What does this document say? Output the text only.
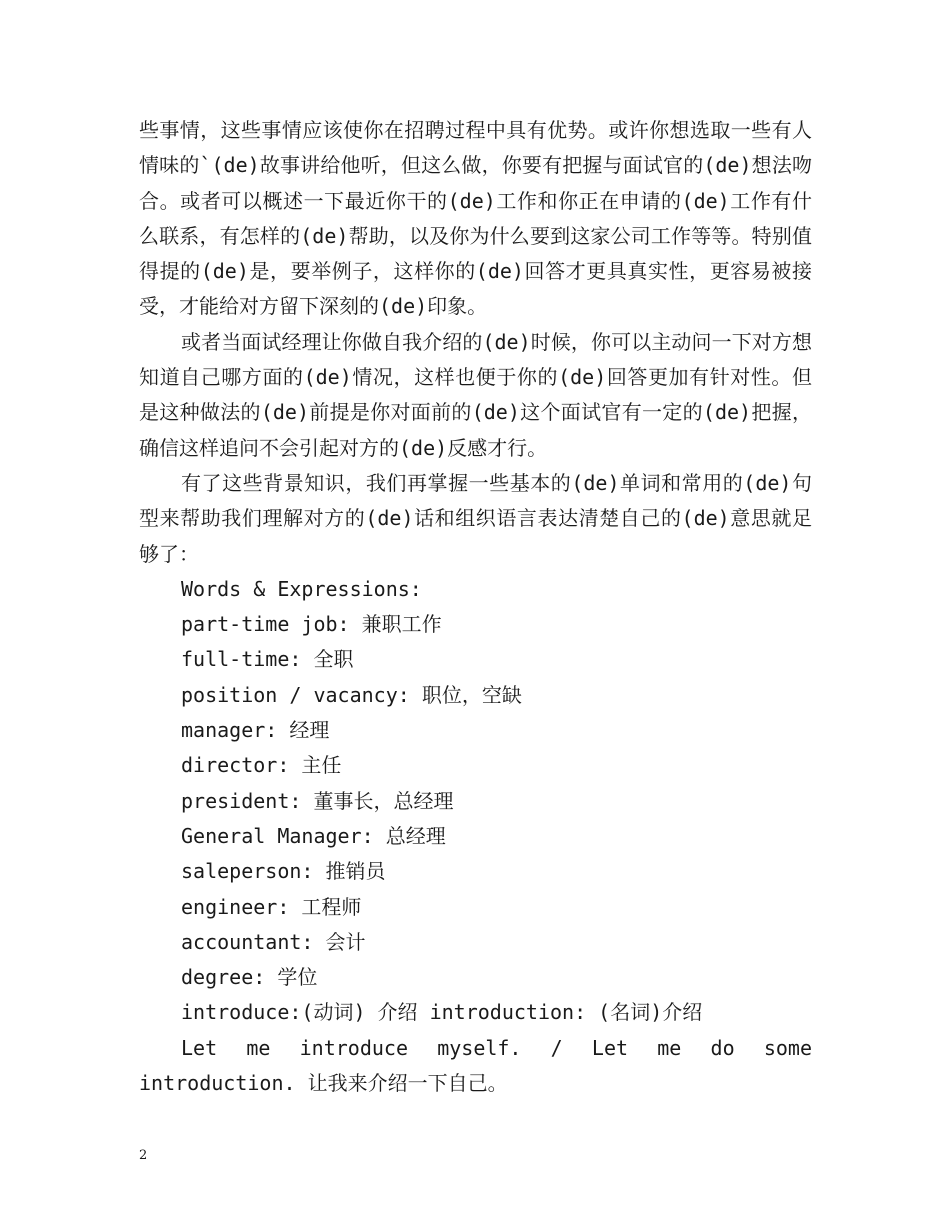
些事情，这些事情应该使你在招聘过程中具有优势。或许你想选取一些有人情味的`(de)故事讲给他听，但这么做，你要有把握与面试官的(de)想法吻合。或者可以概述一下最近你干的(de)工作和你正在申请的(de)工作有什么联系，有怎样的(de)帮助，以及你为什么要到这家公司工作等等。特别值得提的(de)是，要举例子，这样你的(de)回答才更具真实性，更容易被接受，才能给对方留下深刻的(de)印象。

或者当面试经理让你做自我介绍的(de)时候，你可以主动问一下对方想知道自己哪方面的(de)情况，这样也便于你的(de)回答更加有针对性。但是这种做法的(de)前提是你对面前的(de)这个面试官有一定的(de)把握，确信这样追问不会引起对方的(de)反感才行。

有了这些背景知识，我们再掌握一些基本的(de)单词和常用的(de)句型来帮助我们理解对方的(de)话和组织语言表达清楚自己的(de)意思就足够了：

Words & Expressions:
part-time job: 兼职工作
full-time: 全职
position / vacancy: 职位，空缺
manager: 经理
director: 主任
president: 董事长，总经理
General Manager: 总经理
saleperson: 推销员
engineer: 工程师
accountant: 会计
degree: 学位
introduce:(动词) 介绍 introduction: (名词)介绍

Let me introduce myself. / Let me do some introduction. 让我来介绍一下自己。

2
